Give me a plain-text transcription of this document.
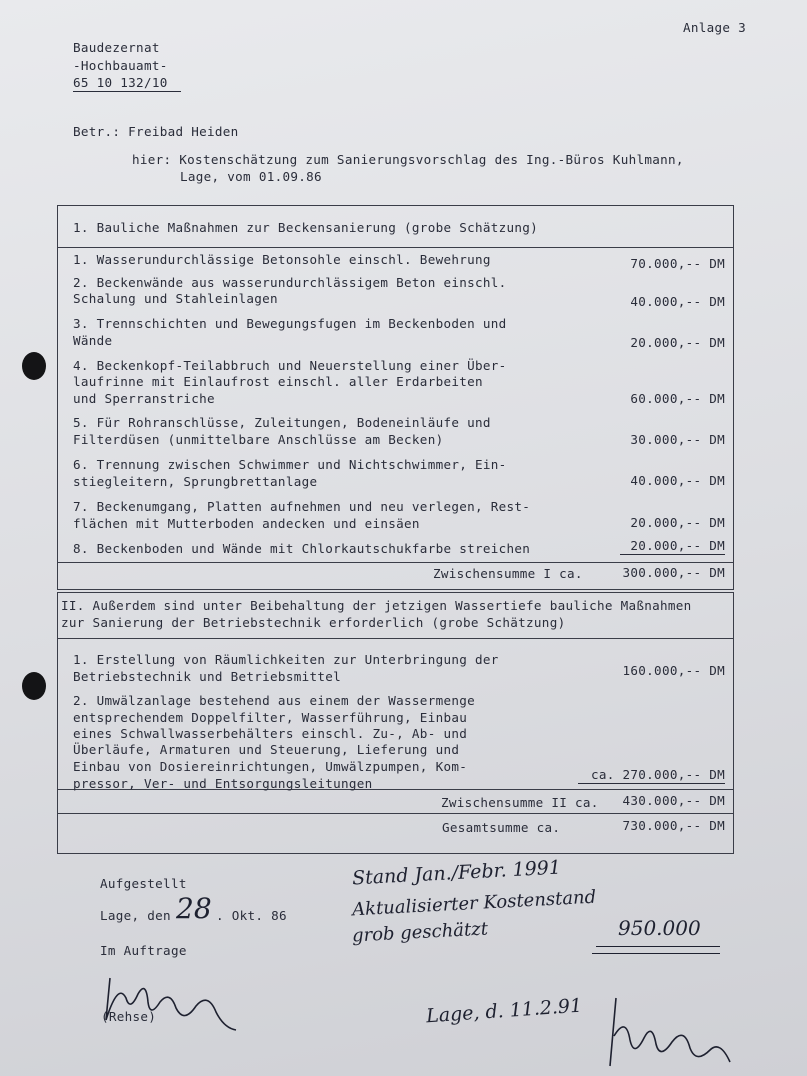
Anlage 3
Baudezernat
-Hochbauamt-
65 10 132/10
Betr.: Freibad Heiden
hier: Kostenschätzung zum Sanierungsvorschlag des Ing.-Büros Kuhlmann,
Lage, vom 01.09.86
1. Bauliche Maßnahmen zur Beckensanierung (grobe Schätzung)
1. Wasserundurchlässige Betonsohle einschl. Bewehrung	70.000,-- DM
2. Beckenwände aus wasserundurchlässigem Beton einschl.
Schalung und Stahleinlagen	40.000,-- DM
3. Trennschichten und Bewegungsfugen im Beckenboden und
Wände	20.000,-- DM
4. Beckenkopf-Teilabbruch und Neuerstellung einer Über-
laufrinne mit Einlaufrost einschl. aller Erdarbeiten
und Sperranstriche	60.000,-- DM
5. Für Rohranschlüsse, Zuleitungen, Bodeneinläufe und
Filterdüsen (unmittelbare Anschlüsse am Becken)	30.000,-- DM
6. Trennung zwischen Schwimmer und Nichtschwimmer, Ein-
stiegleitern, Sprungbrettanlage	40.000,-- DM
7. Beckenumgang, Platten aufnehmen und neu verlegen, Rest-
flächen mit Mutterboden andecken und einsäen	20.000,-- DM
8. Beckenboden und Wände mit Chlorkautschukfarbe streichen	20.000,-- DM
Zwischensumme I ca.	300.000,-- DM
II. Außerdem sind unter Beibehaltung der jetzigen Wassertiefe bauliche Maßnahmen
zur Sanierung der Betriebstechnik erforderlich (grobe Schätzung)
1. Erstellung von Räumlichkeiten zur Unterbringung der
Betriebstechnik und Betriebsmittel	160.000,-- DM
2. Umwälzanlage bestehend aus einem der Wassermenge
entsprechendem Doppelfilter, Wasserführung, Einbau
eines Schwallwasserbehälters einschl. Zu-, Ab- und
Überläufe, Armaturen und Steuerung, Lieferung und
Einbau von Dosiereinrichtungen, Umwälzpumpen, Kom-
pressor, Ver- und Entsorgungsleitungen
ca. 270.000,-- DM
Zwischensumme II ca.	430.000,-- DM
Gesamtsumme ca.	730.000,-- DM
Aufgestellt
Lage, den 28 . Okt. 86
Im Auftrage
(Rehse)
Stand Jan./Febr. 1991
Aktualisierter Kostenstand
grob geschätzt	950.000
Lage, d. 11.2.91
